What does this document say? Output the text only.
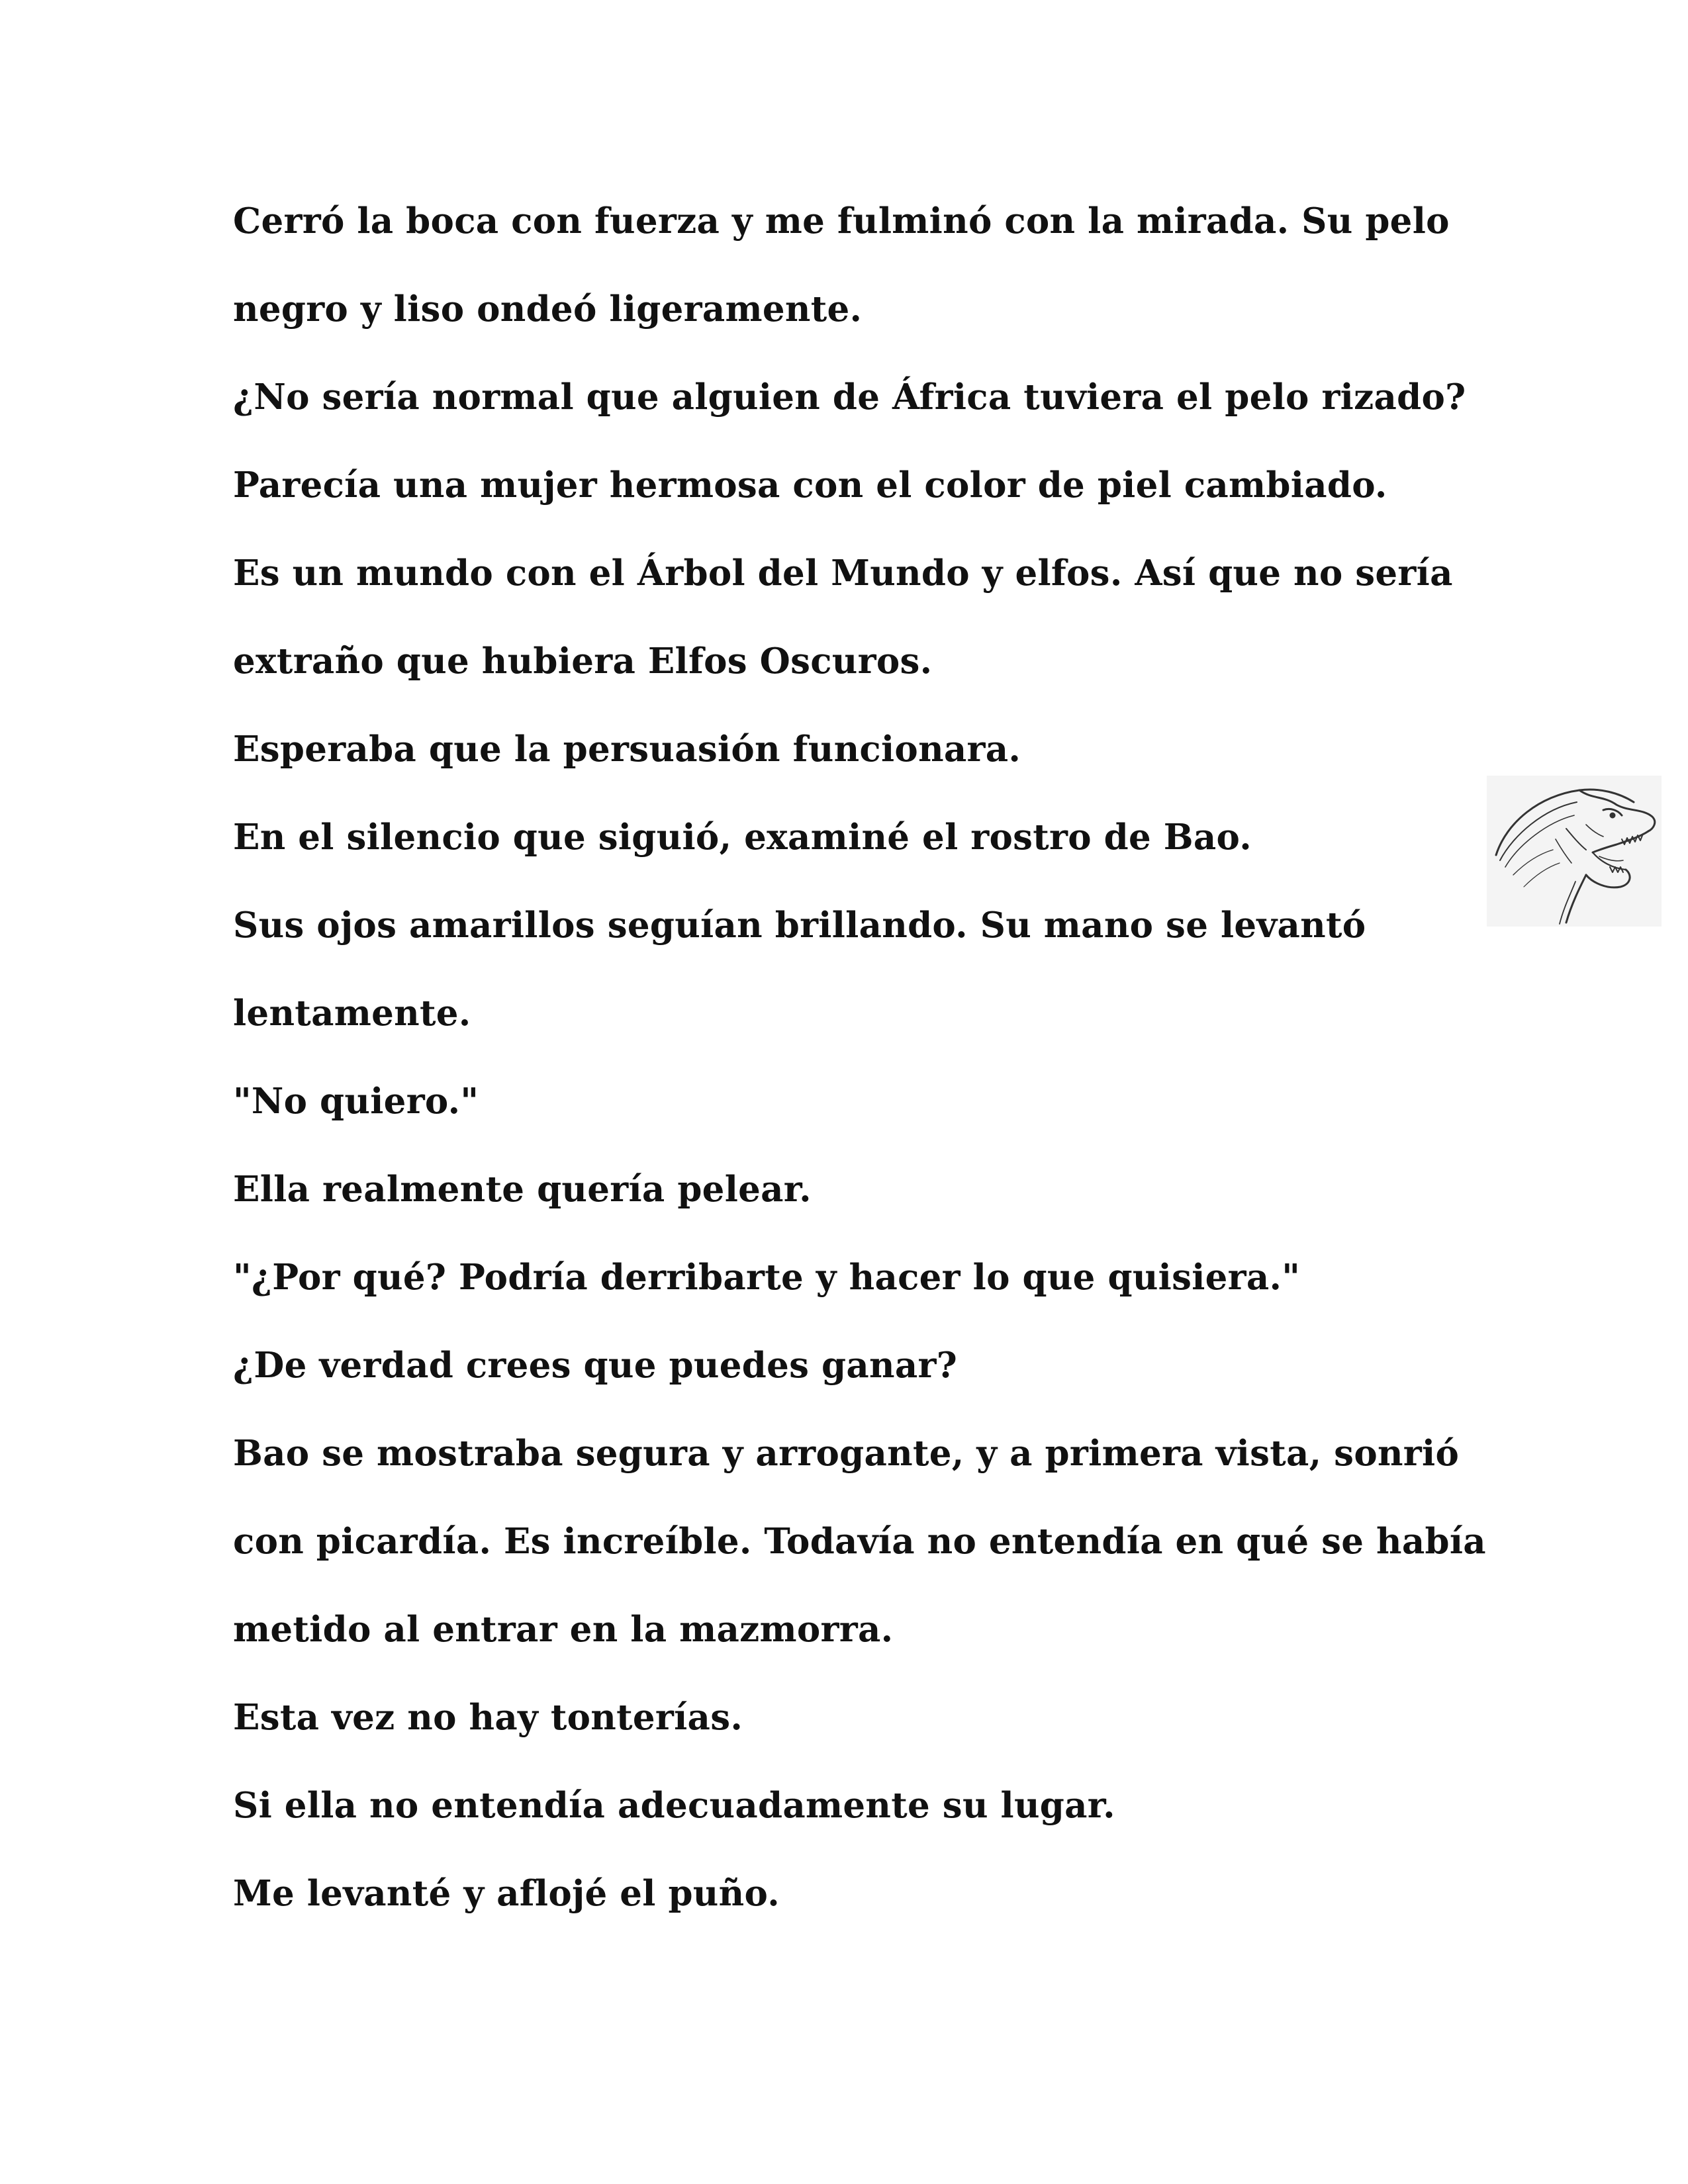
Cerró la boca con fuerza y me fulminó con la mirada. Su pelo
negro y liso ondeó ligeramente.
¿No sería normal que alguien de África tuviera el pelo rizado?
Parecía una mujer hermosa con el color de piel cambiado.
Es un mundo con el Árbol del Mundo y elfos. Así que no sería
extraño que hubiera Elfos Oscuros.
Esperaba que la persuasión funcionara.
En el silencio que siguió, examiné el rostro de Bao.
Sus ojos amarillos seguían brillando. Su mano se levantó
lentamente.
"No quiero."
Ella realmente quería pelear.
"¿Por qué? Podría derribarte y hacer lo que quisiera."
¿De verdad crees que puedes ganar?
Bao se mostraba segura y arrogante, y a primera vista, sonrió
con picardía. Es increíble. Todavía no entendía en qué se había
metido al entrar en la mazmorra.
Esta vez no hay tonterías.
Si ella no entendía adecuadamente su lugar.
Me levanté y aflojé el puño.
